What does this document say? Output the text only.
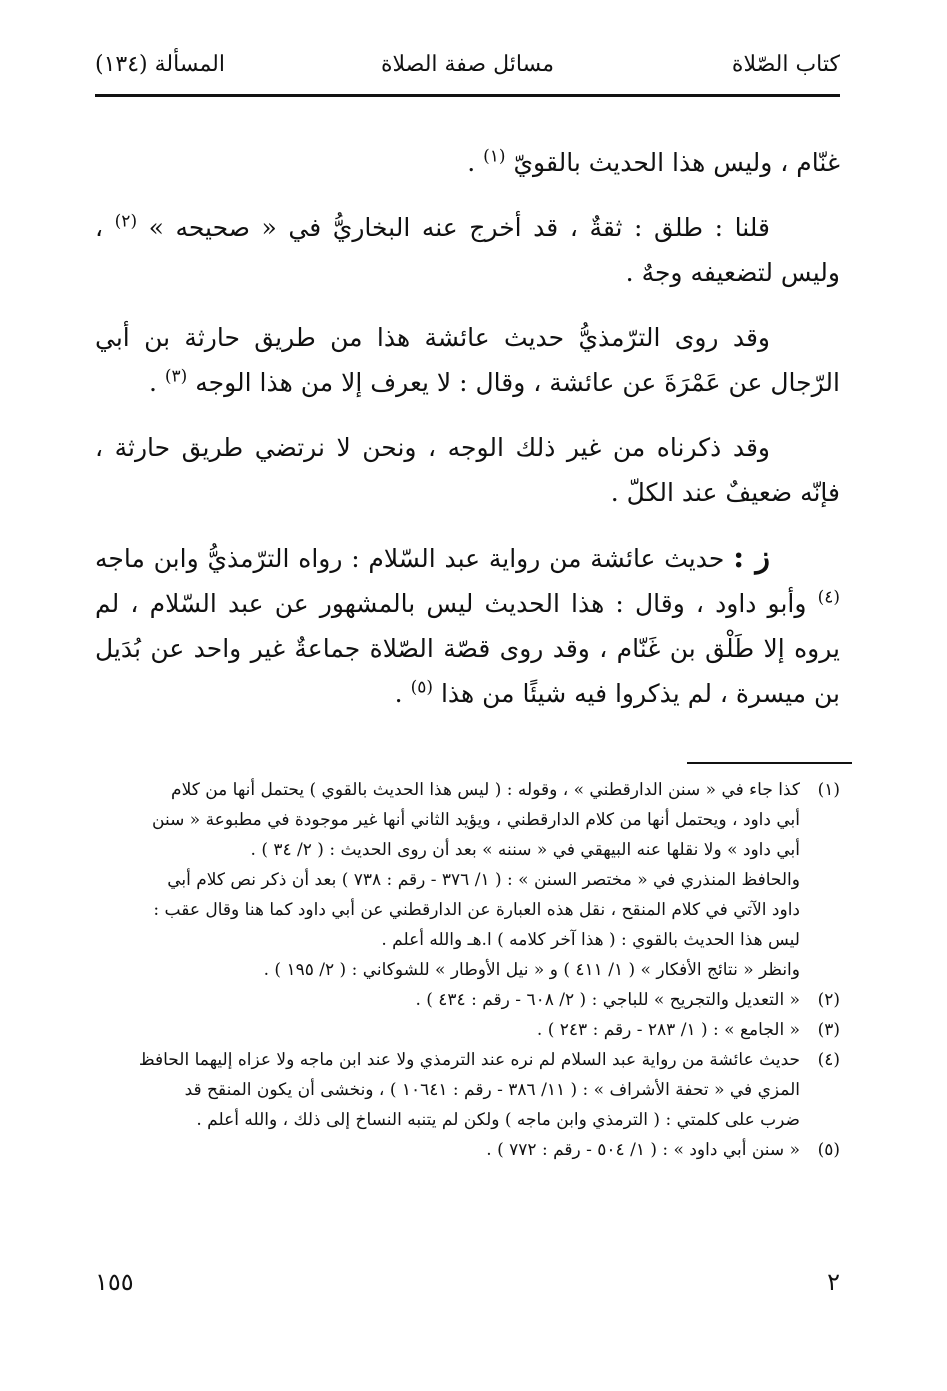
كتاب الصّلاة
مسائل صفة الصلاة
المسألة (١٣٤)

غنّام ، وليس هذا الحديث بالقويّ $^{(١)}$ .

قلنا : طلق : ثقةٌ ، قد أخرج عنه البخاريُّ في « صحيحه » $^{(٢)}$ ، وليس لتضعيفه وجهٌ .

وقد روى الترّمذيُّ حديث عائشة هذا من طريق حارثة بن أبي الرّجال عن عَمْرَةَ عن عائشة ، وقال : لا يعرف إلا من هذا الوجه $^{(٣)}$ .

وقد ذكرناه من غير ذلك الوجه ، ونحن لا نرتضي طريق حارثة ، فإنّه ضعيفٌ عند الكلّ .

ز : حديث عائشة من رواية عبد السّلام : رواه الترّمذيُّ وابن ماجه $^{(٤)}$ وأبو داود ، وقال : هذا الحديث ليس بالمشهور عن عبد السّلام ، لم يروه إلا طَلْق بن غَنّام ، وقد روى قصّة الصّلاة جماعةٌ غير واحد عن بُدَيل بن ميسرة ، لم يذكروا فيه شيئًا من هذا $^{(٥)}$ .

(١)
كذا جاء في « سنن الدارقطني » ، وقوله : ( ليس هذا الحديث بالقوي ) يحتمل أنها من كلام
أبي داود ، ويحتمل أنها من كلام الدارقطني ، ويؤيد الثاني أنها غير موجودة في مطبوعة « سنن
أبي داود » ولا نقلها عنه البيهقي في « سننه » بعد أن روى الحديث : ( ٢/ ٣٤ ) .
والحافظ المنذري في « مختصر السنن » : ( ١/ ٣٧٦ - رقم : ٧٣٨ ) بعد أن ذكر نص كلام أبي
داود الآتي في كلام المنقح ، نقل هذه العبارة عن الدارقطني عن أبي داود كما هنا وقال عقب :
ليس هذا الحديث بالقوي : ( هذا آخر كلامه ) ا.هـ والله أعلم .
وانظر « نتائج الأفكار » ( ١/ ٤١١ ) و « نيل الأوطار » للشوكاني : ( ٢/ ١٩٥ ) .
(٢)
« التعديل والتجريح » للباجي : ( ٢/ ٦٠٨ - رقم : ٤٣٤ ) .
(٣)
« الجامع » : ( ١/ ٢٨٣ - رقم : ٢٤٣ ) .
(٤)
حديث عائشة من رواية عبد السلام لم نره عند الترمذي ولا عند ابن ماجه ولا عزاه إليهما الحافظ
المزي في « تحفة الأشراف » : ( ١١/ ٣٨٦ - رقم : ١٠٦٤١ ) ، ونخشى أن يكون المنقح قد
ضرب على كلمتي : ( الترمذي وابن ماجه ) ولكن لم يتنبه النساخ إلى ذلك ، والله أعلم .
(٥)
« سنن أبي داود » : ( ١/ ٥٠٤ - رقم : ٧٧٢ ) .
٢
١٥٥
